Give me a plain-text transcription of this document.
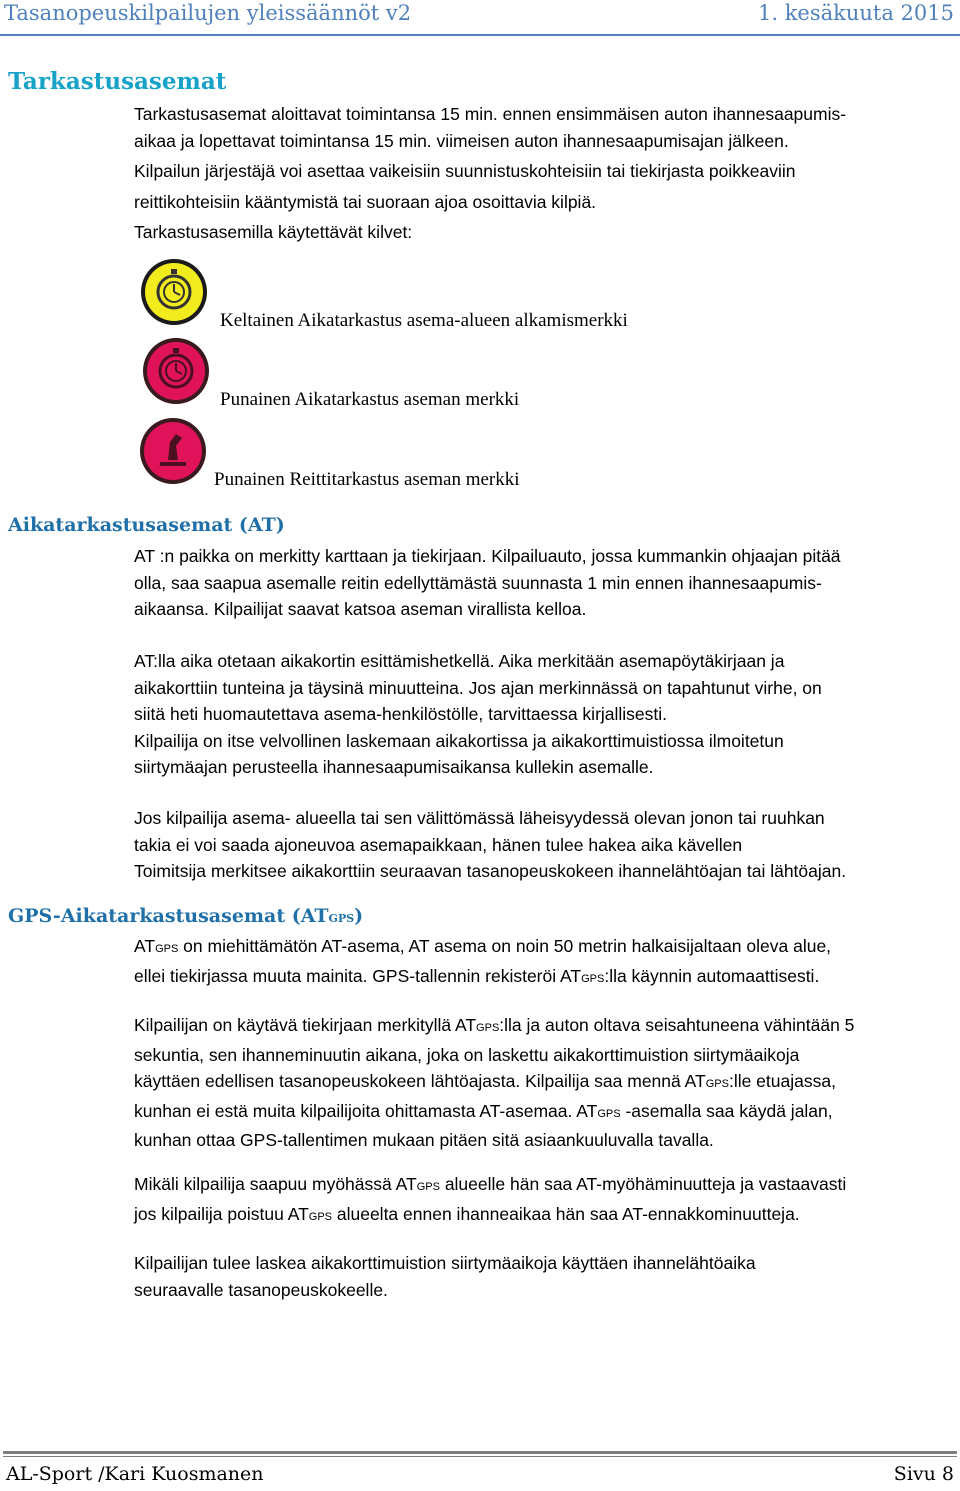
Tasanopeuskilpailujen yleissäännöt v2	1. kesäkuuta 2015
Tarkastusasemat
Tarkastusasemat aloittavat toimintansa 15 min. ennen ensimmäisen auton ihannesaapumis-
aikaa ja lopettavat toimintansa 15 min. viimeisen auton ihannesaapumisajan jälkeen.
Kilpailun järjestäjä voi asettaa vaikeisiin suunnistuskohteisiin tai tiekirjasta poikkeaviin
reittikohteisiin kääntymistä tai suoraan ajoa osoittavia kilpiä.
Tarkastusasemilla käytettävät kilvet:
Keltainen Aikatarkastus asema-alueen alkamismerkki
Punainen Aikatarkastus aseman merkki
Punainen Reittitarkastus aseman merkki
Aikatarkastusasemat (AT)
AT :n paikka on merkitty karttaan ja tiekirjaan. Kilpailuauto, jossa kummankin ohjaajan pitää
olla, saa saapua asemalle reitin edellyttämästä suunnasta 1 min ennen ihannesaapumis-
aikaansa. Kilpailijat saavat katsoa aseman virallista kelloa.
AT:lla aika otetaan aikakortin esittämishetkellä. Aika merkitään asemapöytäkirjaan ja
aikakorttiin tunteina ja täysinä minuutteina. Jos ajan merkinnässä on tapahtunut virhe, on
siitä heti huomautettava asema-henkilöstölle, tarvittaessa kirjallisesti.
Kilpailija on itse velvollinen laskemaan aikakortissa ja aikakorttimuistiossa ilmoitetun
siirtymäajan perusteella ihannesaapumisaikansa kullekin asemalle.
Jos kilpailija asema- alueella tai sen välittömässä läheisyydessä olevan jonon tai ruuhkan
takia ei voi saada ajoneuvoa asemapaikkaan, hänen tulee hakea aika kävellen
Toimitsija merkitsee aikakorttiin seuraavan tasanopeuskokeen ihannelähtöajan tai lähtöajan.
GPS-Aikatarkastusasemat (ATGPS)
ATGPS on miehittämätön AT-asema, AT asema on noin 50 metrin halkaisijaltaan oleva alue,
ellei tiekirjassa muuta mainita. GPS-tallennin rekisteröi ATGPS:lla käynnin automaattisesti.
Kilpailijan on käytävä tiekirjaan merkityllä ATGPS:lla ja auton oltava seisahtuneena vähintään 5
sekuntia, sen ihanneminuutin aikana, joka on laskettu aikakorttimuistion siirtymäaikoja
käyttäen edellisen tasanopeuskokeen lähtöajasta. Kilpailija saa mennä ATGPS:lle etuajassa,
kunhan ei estä muita kilpailijoita ohittamasta AT-asemaa. ATGPS -asemalla saa käydä jalan,
kunhan ottaa GPS-tallentimen mukaan pitäen sitä asiaankuuluvalla tavalla.
Mikäli kilpailija saapuu myöhässä ATGPS alueelle hän saa AT-myöhäminuutteja ja vastaavasti
jos kilpailija poistuu ATGPS alueelta ennen ihanneaikaa hän saa AT-ennakkominuutteja.
Kilpailijan tulee laskea aikakorttimuistion siirtymäaikoja käyttäen ihannelähtöaika
seuraavalle tasanopeuskokeelle.
AL-Sport /Kari Kuosmanen	Sivu 8
